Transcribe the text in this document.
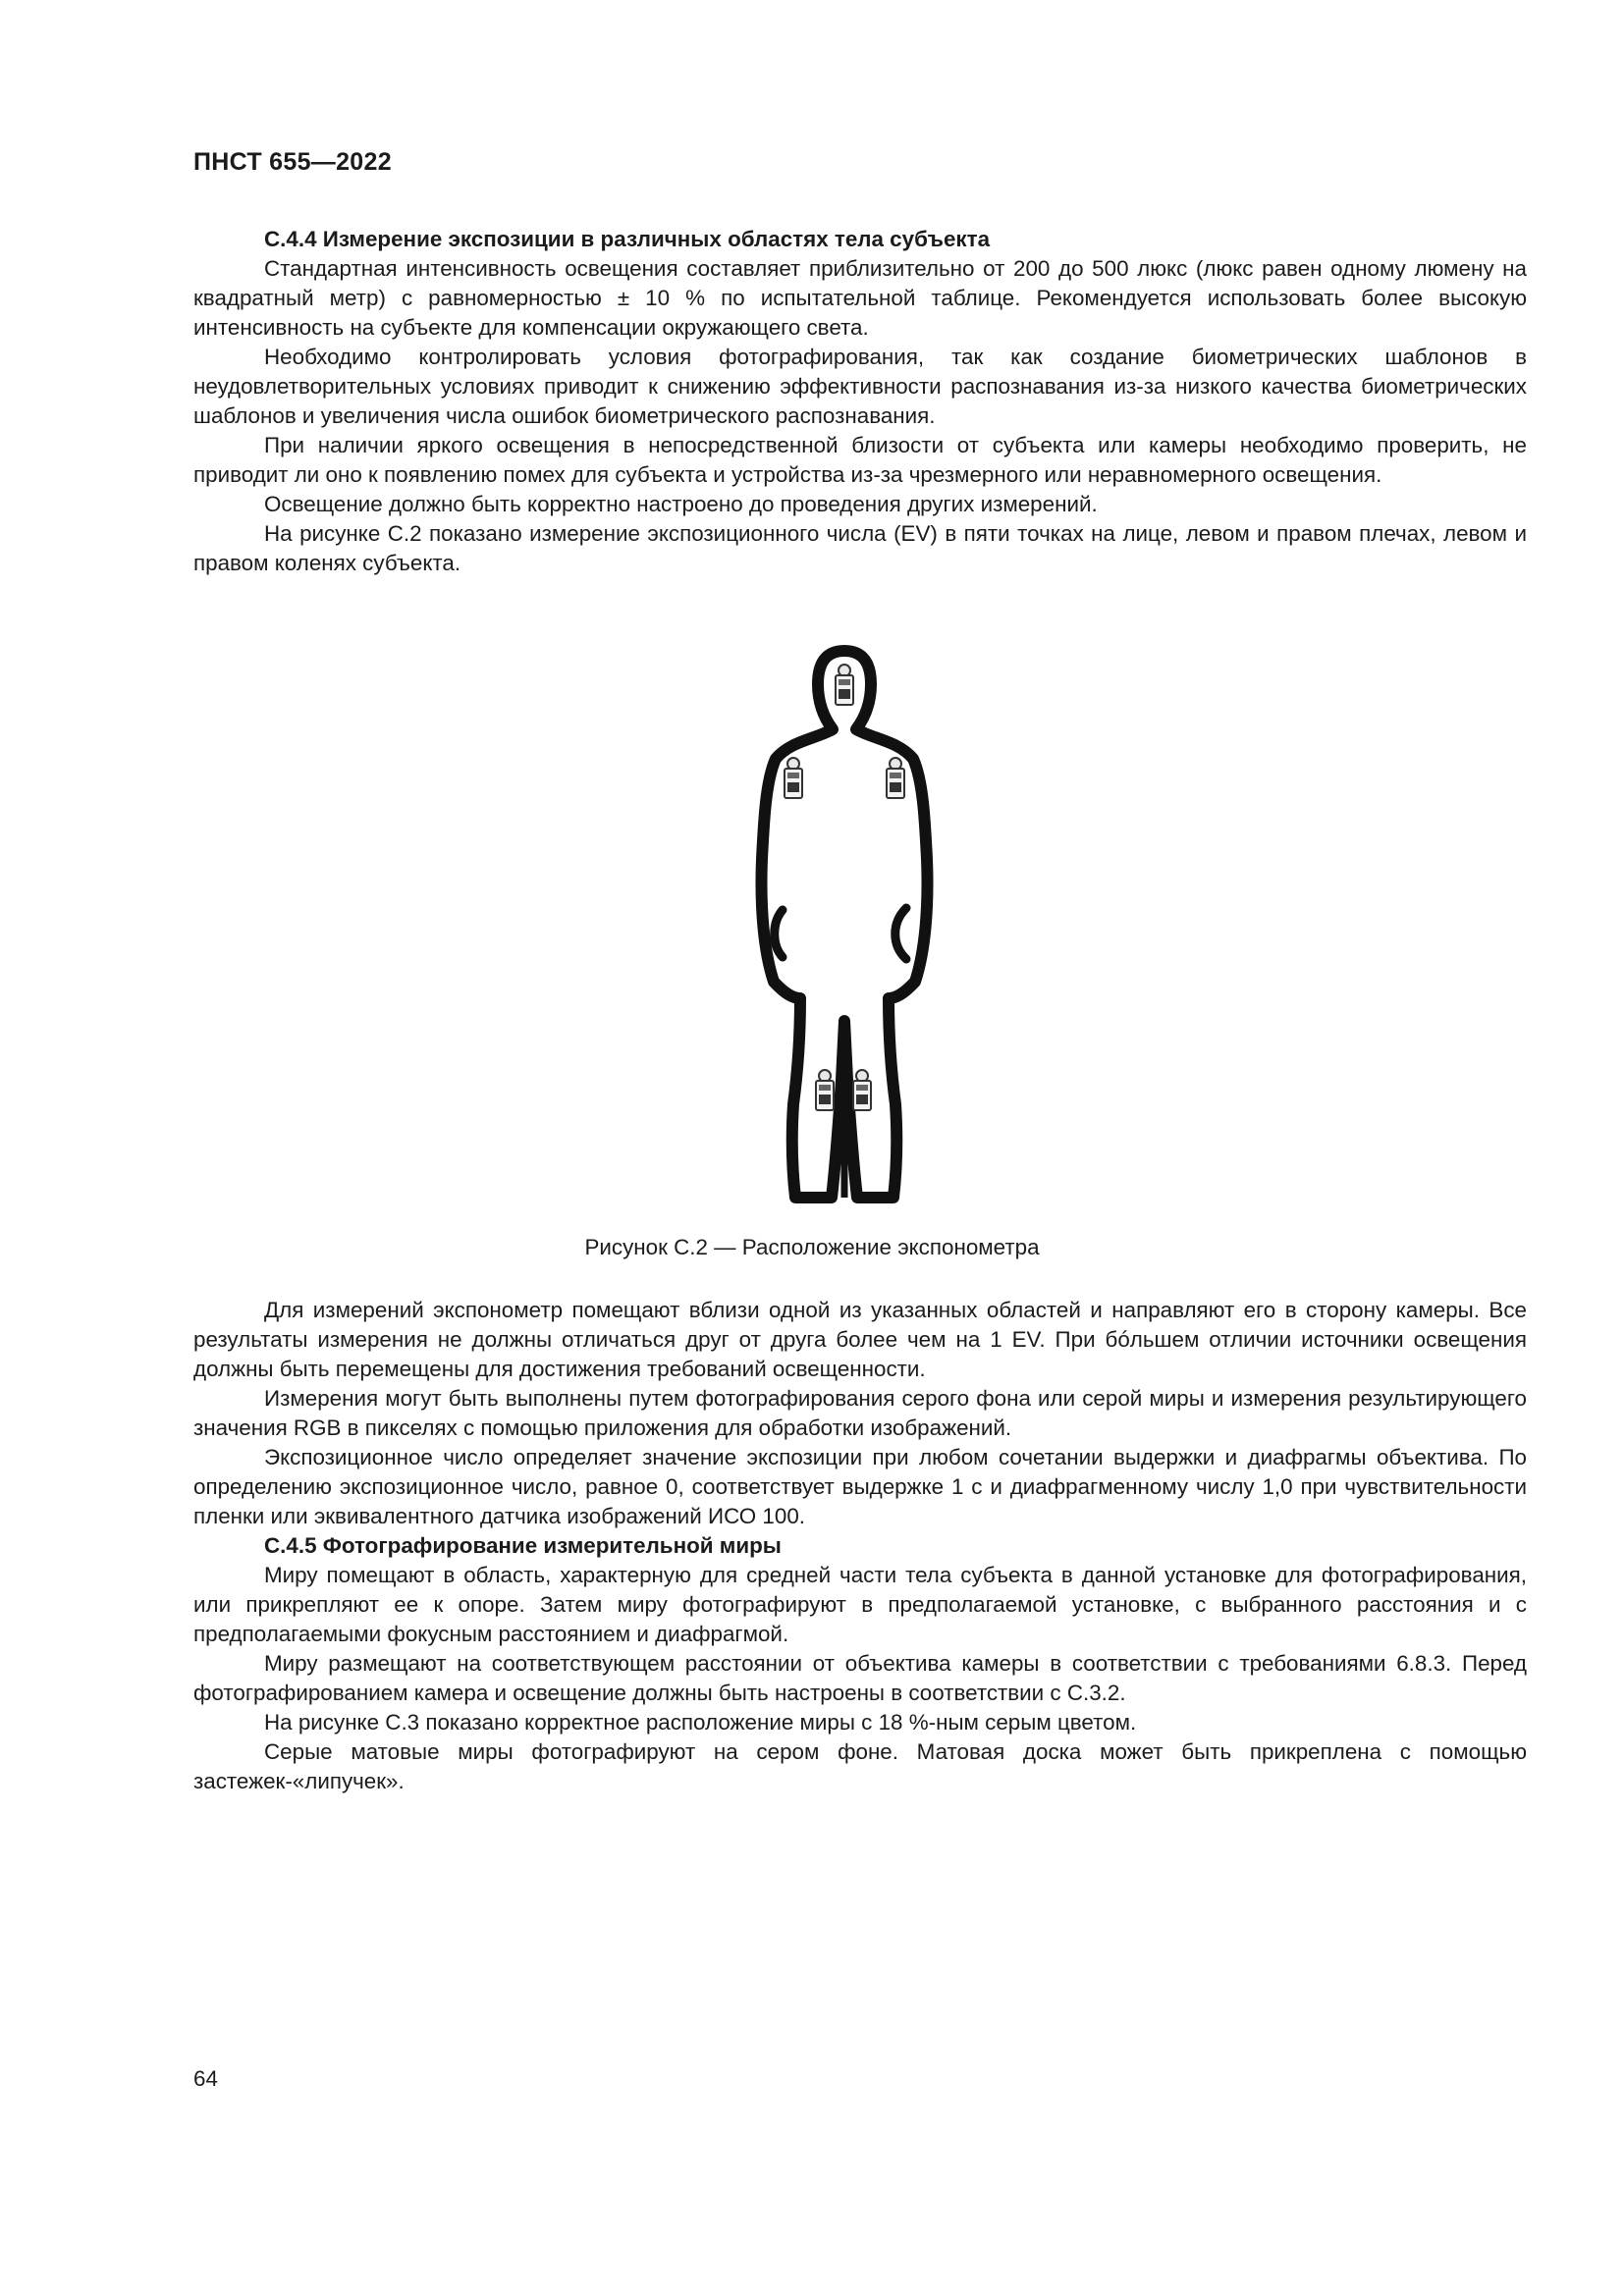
ПНСТ 655—2022

С.4.4 Измерение экспозиции в различных областях тела субъекта

Стандартная интенсивность освещения составляет приблизительно от 200 до 500 люкс (люкс равен одному люмену на квадратный метр) с равномерностью ± 10 % по испытательной таблице. Рекомендуется использовать более высокую интенсивность на субъекте для компенсации окружающего света.

Необходимо контролировать условия фотографирования, так как создание биометрических шаблонов в неудовлетворительных условиях приводит к снижению эффективности распознавания из-за низкого качества биометрических шаблонов и увеличения числа ошибок биометрического распознавания.

При наличии яркого освещения в непосредственной близости от субъекта или камеры необходимо проверить, не приводит ли оно к появлению помех для субъекта и устройства из-за чрезмерного или неравномерного освещения.

Освещение должно быть корректно настроено до проведения других измерений.

На рисунке С.2 показано измерение экспозиционного числа (EV) в пяти точках на лице, левом и правом плечах, левом и правом коленях субъекта.

Рисунок С.2 — Расположение экспонометра

Для измерений экспонометр помещают вблизи одной из указанных областей и направляют его в сторону камеры. Все результаты измерения не должны отличаться друг от друга более чем на 1 EV. При бóльшем отличии источники освещения должны быть перемещены для достижения требований освещенности.

Измерения могут быть выполнены путем фотографирования серого фона или серой миры и измерения результирующего значения RGB в пикселях с помощью приложения для обработки изображений.

Экспозиционное число определяет значение экспозиции при любом сочетании выдержки и диафрагмы объектива. По определению экспозиционное число, равное 0, соответствует выдержке 1 с и диафрагменному числу 1,0 при чувствительности пленки или эквивалентного датчика изображений ИСО 100.

С.4.5 Фотографирование измерительной миры

Миру помещают в область, характерную для средней части тела субъекта в данной установке для фотографирования, или прикрепляют ее к опоре. Затем миру фотографируют в предполагаемой установке, с выбранного расстояния и с предполагаемыми фокусным расстоянием и диафрагмой.

Миру размещают на соответствующем расстоянии от объектива камеры в соответствии с требованиями 6.8.3. Перед фотографированием камера и освещение должны быть настроены в соответствии с С.3.2.

На рисунке С.3 показано корректное расположение миры с 18 %-ным серым цветом.

Серые матовые миры фотографируют на сером фоне. Матовая доска может быть прикреплена с помощью застежек-«липучек».

64
